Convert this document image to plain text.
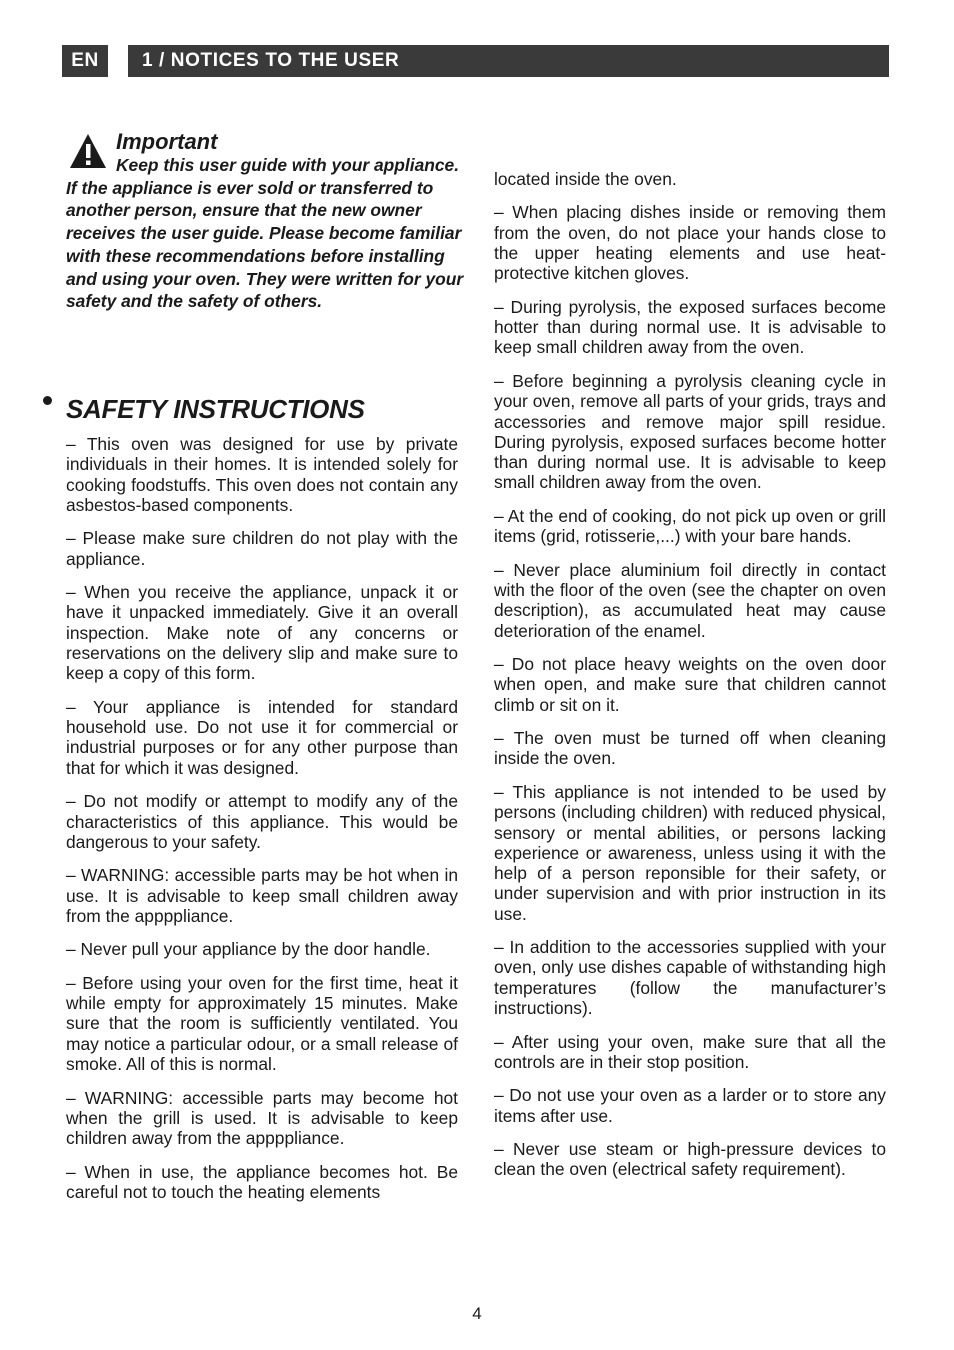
EN	1 / NOTICES TO THE USER
Important
Keep this user guide with your appliance. If the appliance is ever sold or transferred to another person, ensure that the new owner receives the user guide. Please become familiar with these recommendations before installing and using your oven. They were written for your safety and the safety of others.
SAFETY INSTRUCTIONS

– This oven was designed for use by private individuals in their homes. It is intended solely for cooking foodstuffs. This oven does not contain any asbestos-based components.

– Please make sure children do not play with the appliance.

– When you receive the appliance, unpack it or have it unpacked immediately. Give it an overall inspection. Make note of any concerns or reservations on the delivery slip and make sure to keep a copy of this form.

– Your appliance is intended for standard household use. Do not use it for commercial or industrial purposes or for any other purpose than that for which it was designed.

– Do not modify or attempt to modify any of the characteristics of this appliance. This would be dangerous to your safety.

– WARNING: accessible parts may be hot when in use. It is advisable to keep small children away from the appppliance.

– Never pull your appliance by the door handle.

– Before using your oven for the first time, heat it while empty for approximately 15 minutes. Make sure that the room is sufficiently ventilated. You may notice a particular odour, or a small release of smoke. All of this is normal.

– WARNING: accessible parts may become hot when the grill is used. It is advisable to keep children away from the appppliance.

– When in use, the appliance becomes hot. Be careful not to touch the heating elements

located inside the oven.

– When placing dishes inside or removing them from the oven, do not place your hands close to the upper heating elements and use heat-protective kitchen gloves.

– During pyrolysis, the exposed surfaces become hotter than during normal use. It is advisable to keep small children away from the oven.

– Before beginning a pyrolysis cleaning cycle in your oven, remove all parts of your grids, trays and accessories and remove major spill residue. During pyrolysis, exposed surfaces become hotter than during normal use. It is advisable to keep small children away from the oven.

– At the end of cooking, do not pick up oven or grill items (grid, rotisserie,...) with your bare hands.

– Never place aluminium foil directly in contact with the floor of the oven (see the chapter on oven description), as accumulated heat may cause deterioration of the enamel.

– Do not place heavy weights on the oven door when open, and make sure that children cannot climb or sit on it.

– The oven must be turned off when cleaning inside the oven.

– This appliance is not intended to be used by persons (including children) with reduced physical, sensory or mental abilities, or persons lacking experience or awareness, unless using it with the help of a person reponsible for their safety, or under supervision and with prior instruction in its use.

– In addition to the accessories supplied with your oven, only use dishes capable of withstanding high temperatures (follow the manufacturer’s instructions).

– After using your oven, make sure that all the controls are in their stop position.

– Do not use your oven as a larder or to store any items after use.

– Never use steam or high-pressure devices to clean the oven (electrical safety requirement).

4
